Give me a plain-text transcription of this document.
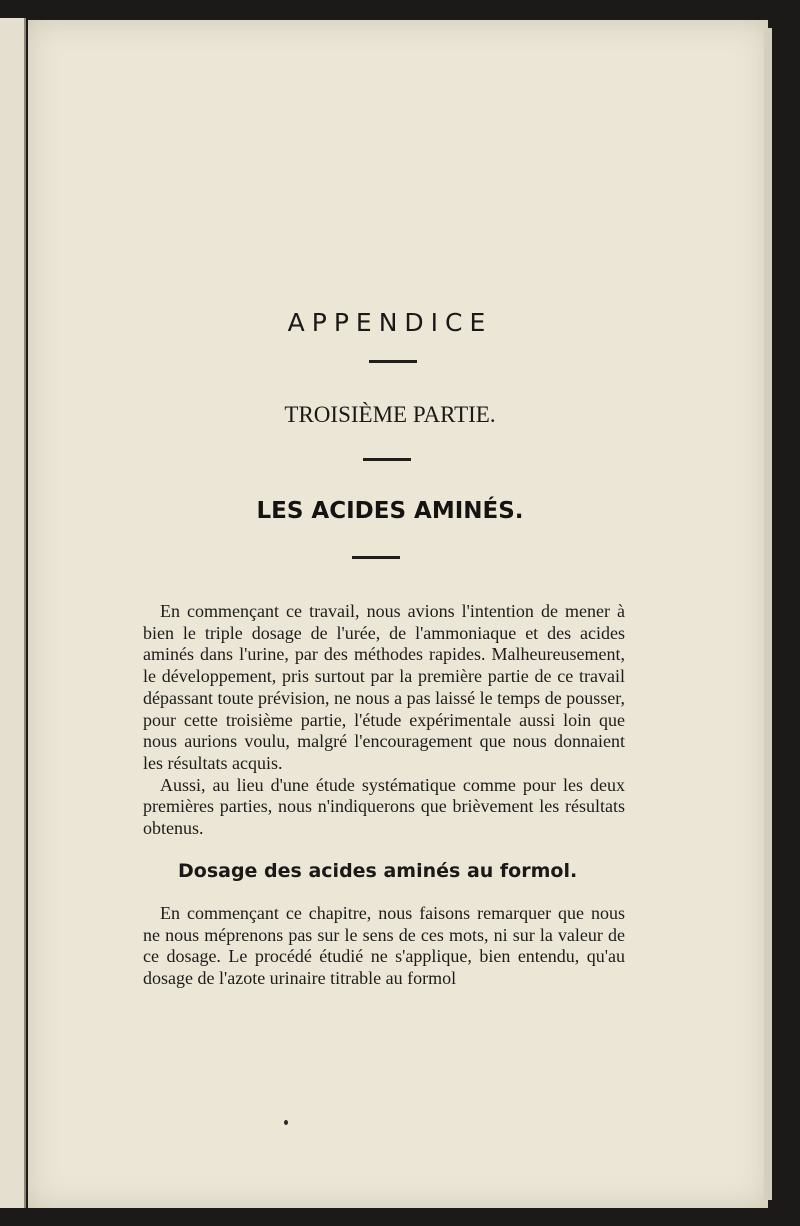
APPENDICE
TROISIÈME PARTIE.
LES ACIDES AMINÉS.

En commençant ce travail, nous avions l'intention de mener à bien le triple dosage de l'urée, de l'ammoniaque et des acides aminés dans l'urine, par des méthodes rapides. Malheureusement, le développement, pris surtout par la première partie de ce travail dépassant toute prévision, ne nous a pas laissé le temps de pousser, pour cette troisième partie, l'étude expérimentale aussi loin que nous aurions voulu, malgré l'encouragement que nous donnaient les résultats acquis.

Aussi, au lieu d'une étude systématique comme pour les deux premières parties, nous n'indiquerons que brièvement les résultats obtenus.

Dosage des acides aminés au formol.

En commençant ce chapitre, nous faisons remarquer que nous ne nous méprenons pas sur le sens de ces mots, ni sur la valeur de ce dosage. Le procédé étudié ne s'applique, bien entendu, qu'au dosage de l'azote urinaire titrable au formol
